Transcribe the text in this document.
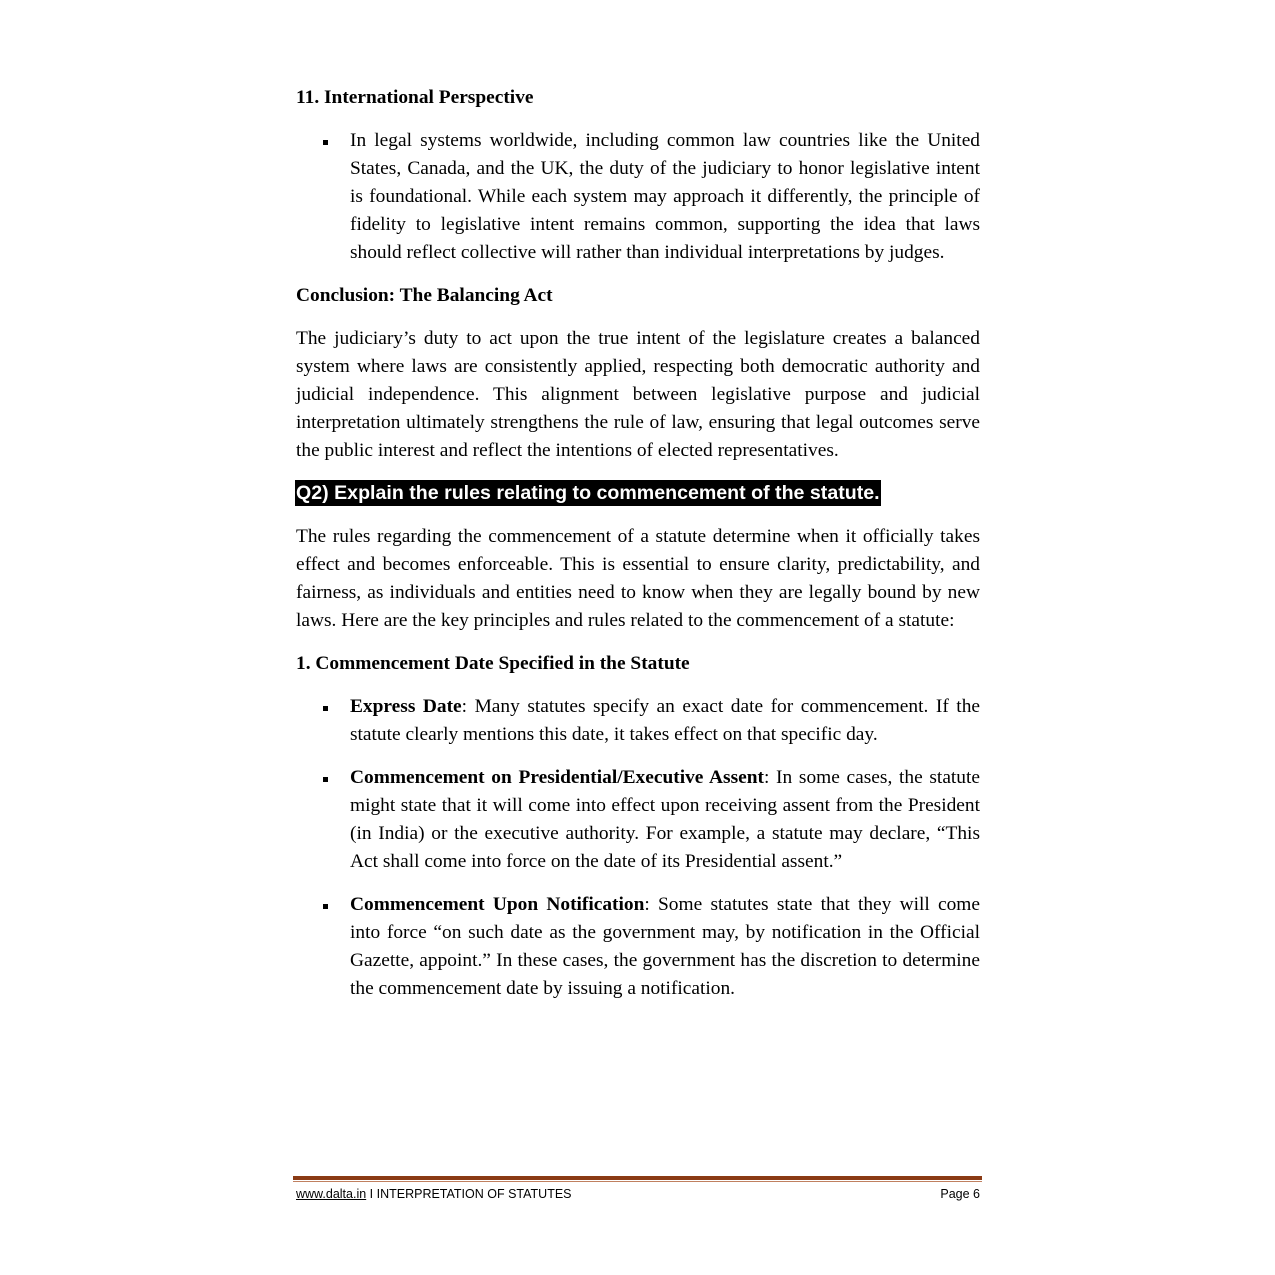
11. International Perspective
In legal systems worldwide, including common law countries like the United States, Canada, and the UK, the duty of the judiciary to honor legislative intent is foundational. While each system may approach it differently, the principle of fidelity to legislative intent remains common, supporting the idea that laws should reflect collective will rather than individual interpretations by judges.
Conclusion: The Balancing Act
The judiciary’s duty to act upon the true intent of the legislature creates a balanced system where laws are consistently applied, respecting both democratic authority and judicial independence. This alignment between legislative purpose and judicial interpretation ultimately strengthens the rule of law, ensuring that legal outcomes serve the public interest and reflect the intentions of elected representatives.
Q2) Explain the rules relating to commencement of the statute.
The rules regarding the commencement of a statute determine when it officially takes effect and becomes enforceable. This is essential to ensure clarity, predictability, and fairness, as individuals and entities need to know when they are legally bound by new laws. Here are the key principles and rules related to the commencement of a statute:
1. Commencement Date Specified in the Statute
Express Date: Many statutes specify an exact date for commencement. If the statute clearly mentions this date, it takes effect on that specific day.
Commencement on Presidential/Executive Assent: In some cases, the statute might state that it will come into effect upon receiving assent from the President (in India) or the executive authority. For example, a statute may declare, “This Act shall come into force on the date of its Presidential assent.”
Commencement Upon Notification: Some statutes state that they will come into force “on such date as the government may, by notification in the Official Gazette, appoint.” In these cases, the government has the discretion to determine the commencement date by issuing a notification.
www.dalta.in I INTERPRETATION OF STATUTES	Page 6
